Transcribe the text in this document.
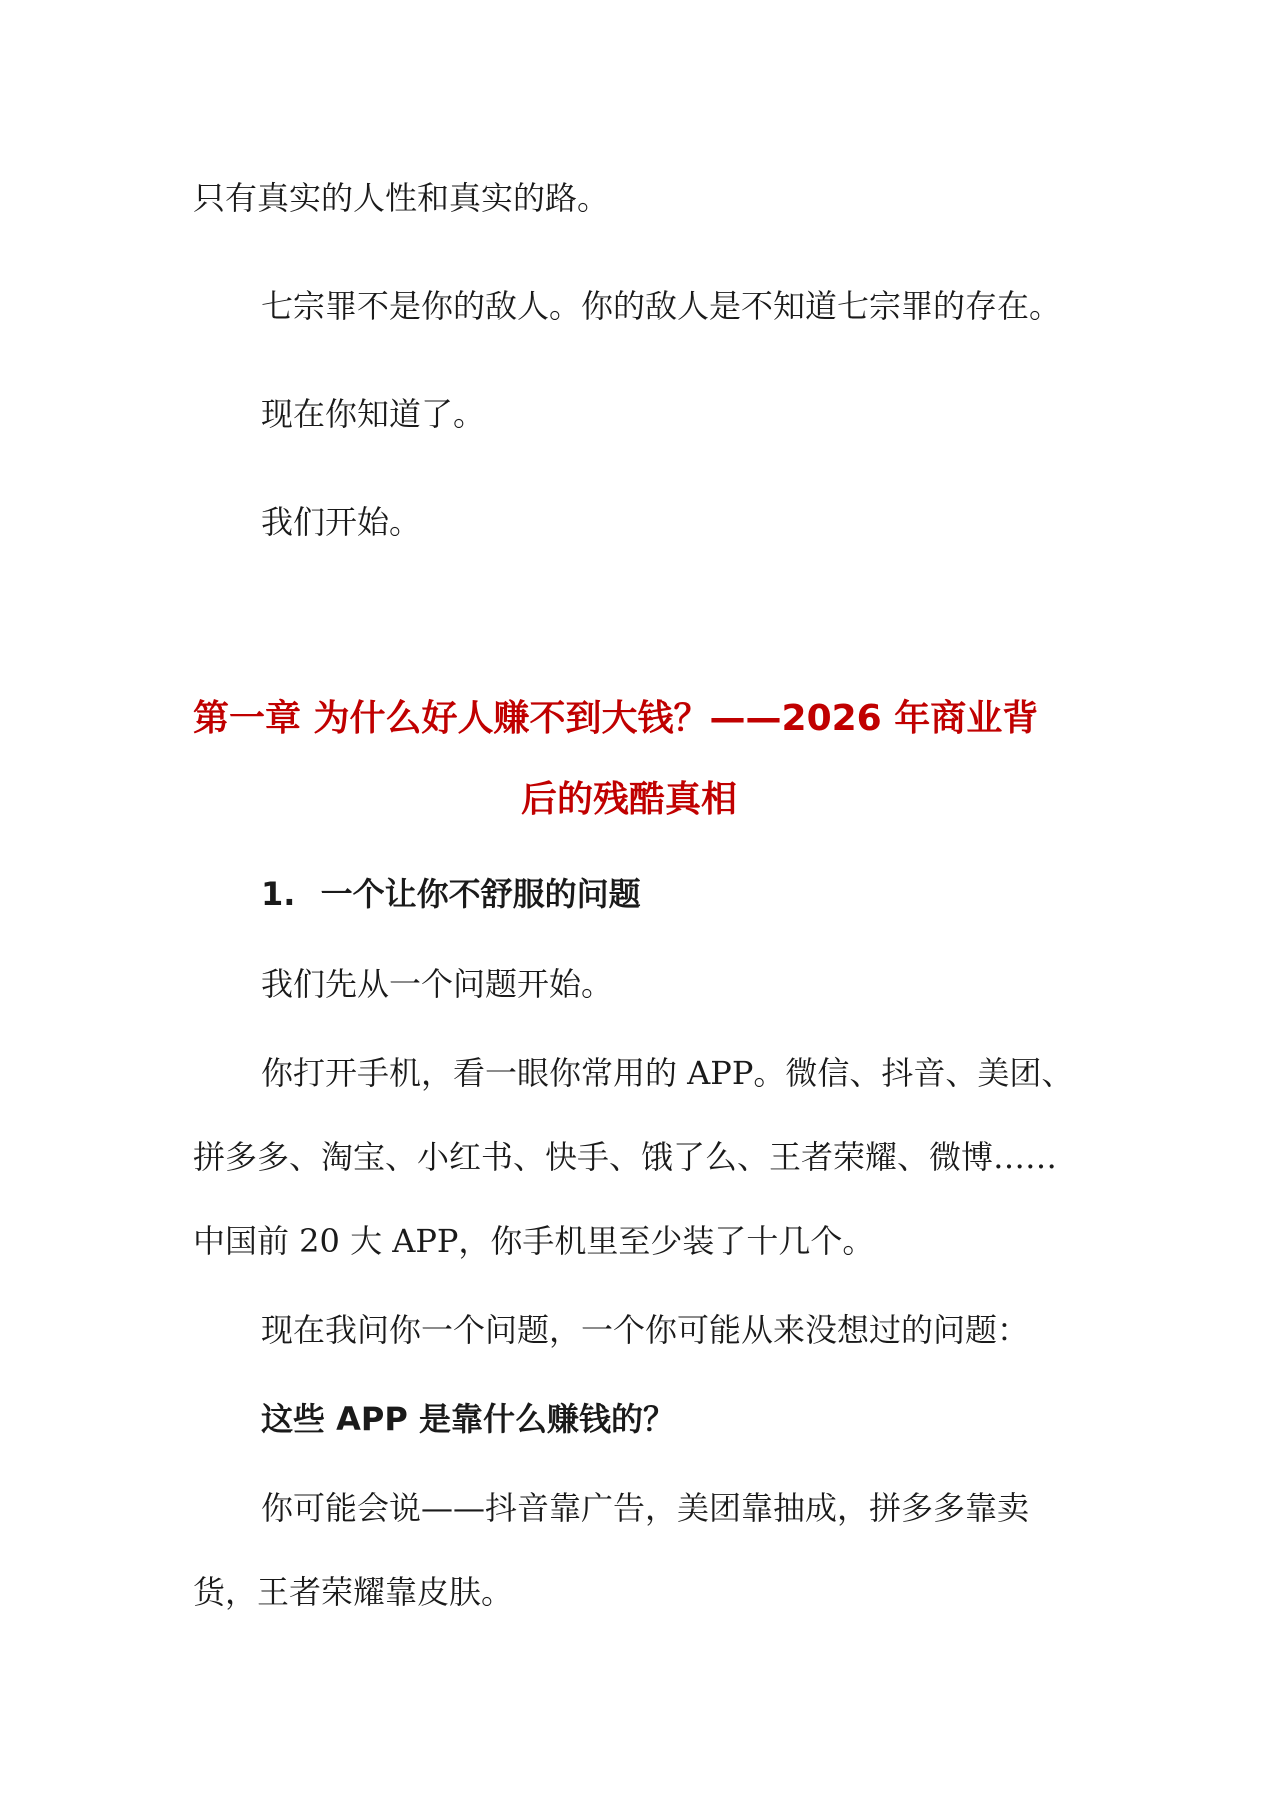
只有真实的人性和真实的路。
七宗罪不是你的敌人。你的敌人是不知道七宗罪的存在。
现在你知道了。
我们开始。
第一章 为什么好人赚不到大钱？——2026 年商业背
后的残酷真相
1. 一个让你不舒服的问题
我们先从一个问题开始。
你打开手机，看一眼你常用的 APP。微信、抖音、美团、
拼多多、淘宝、小红书、快手、饿了么、王者荣耀、微博……
中国前 20 大 APP，你手机里至少装了十几个。
现在我问你一个问题，一个你可能从来没想过的问题：
这些 APP 是靠什么赚钱的？
你可能会说——抖音靠广告，美团靠抽成，拼多多靠卖
货，王者荣耀靠皮肤。
